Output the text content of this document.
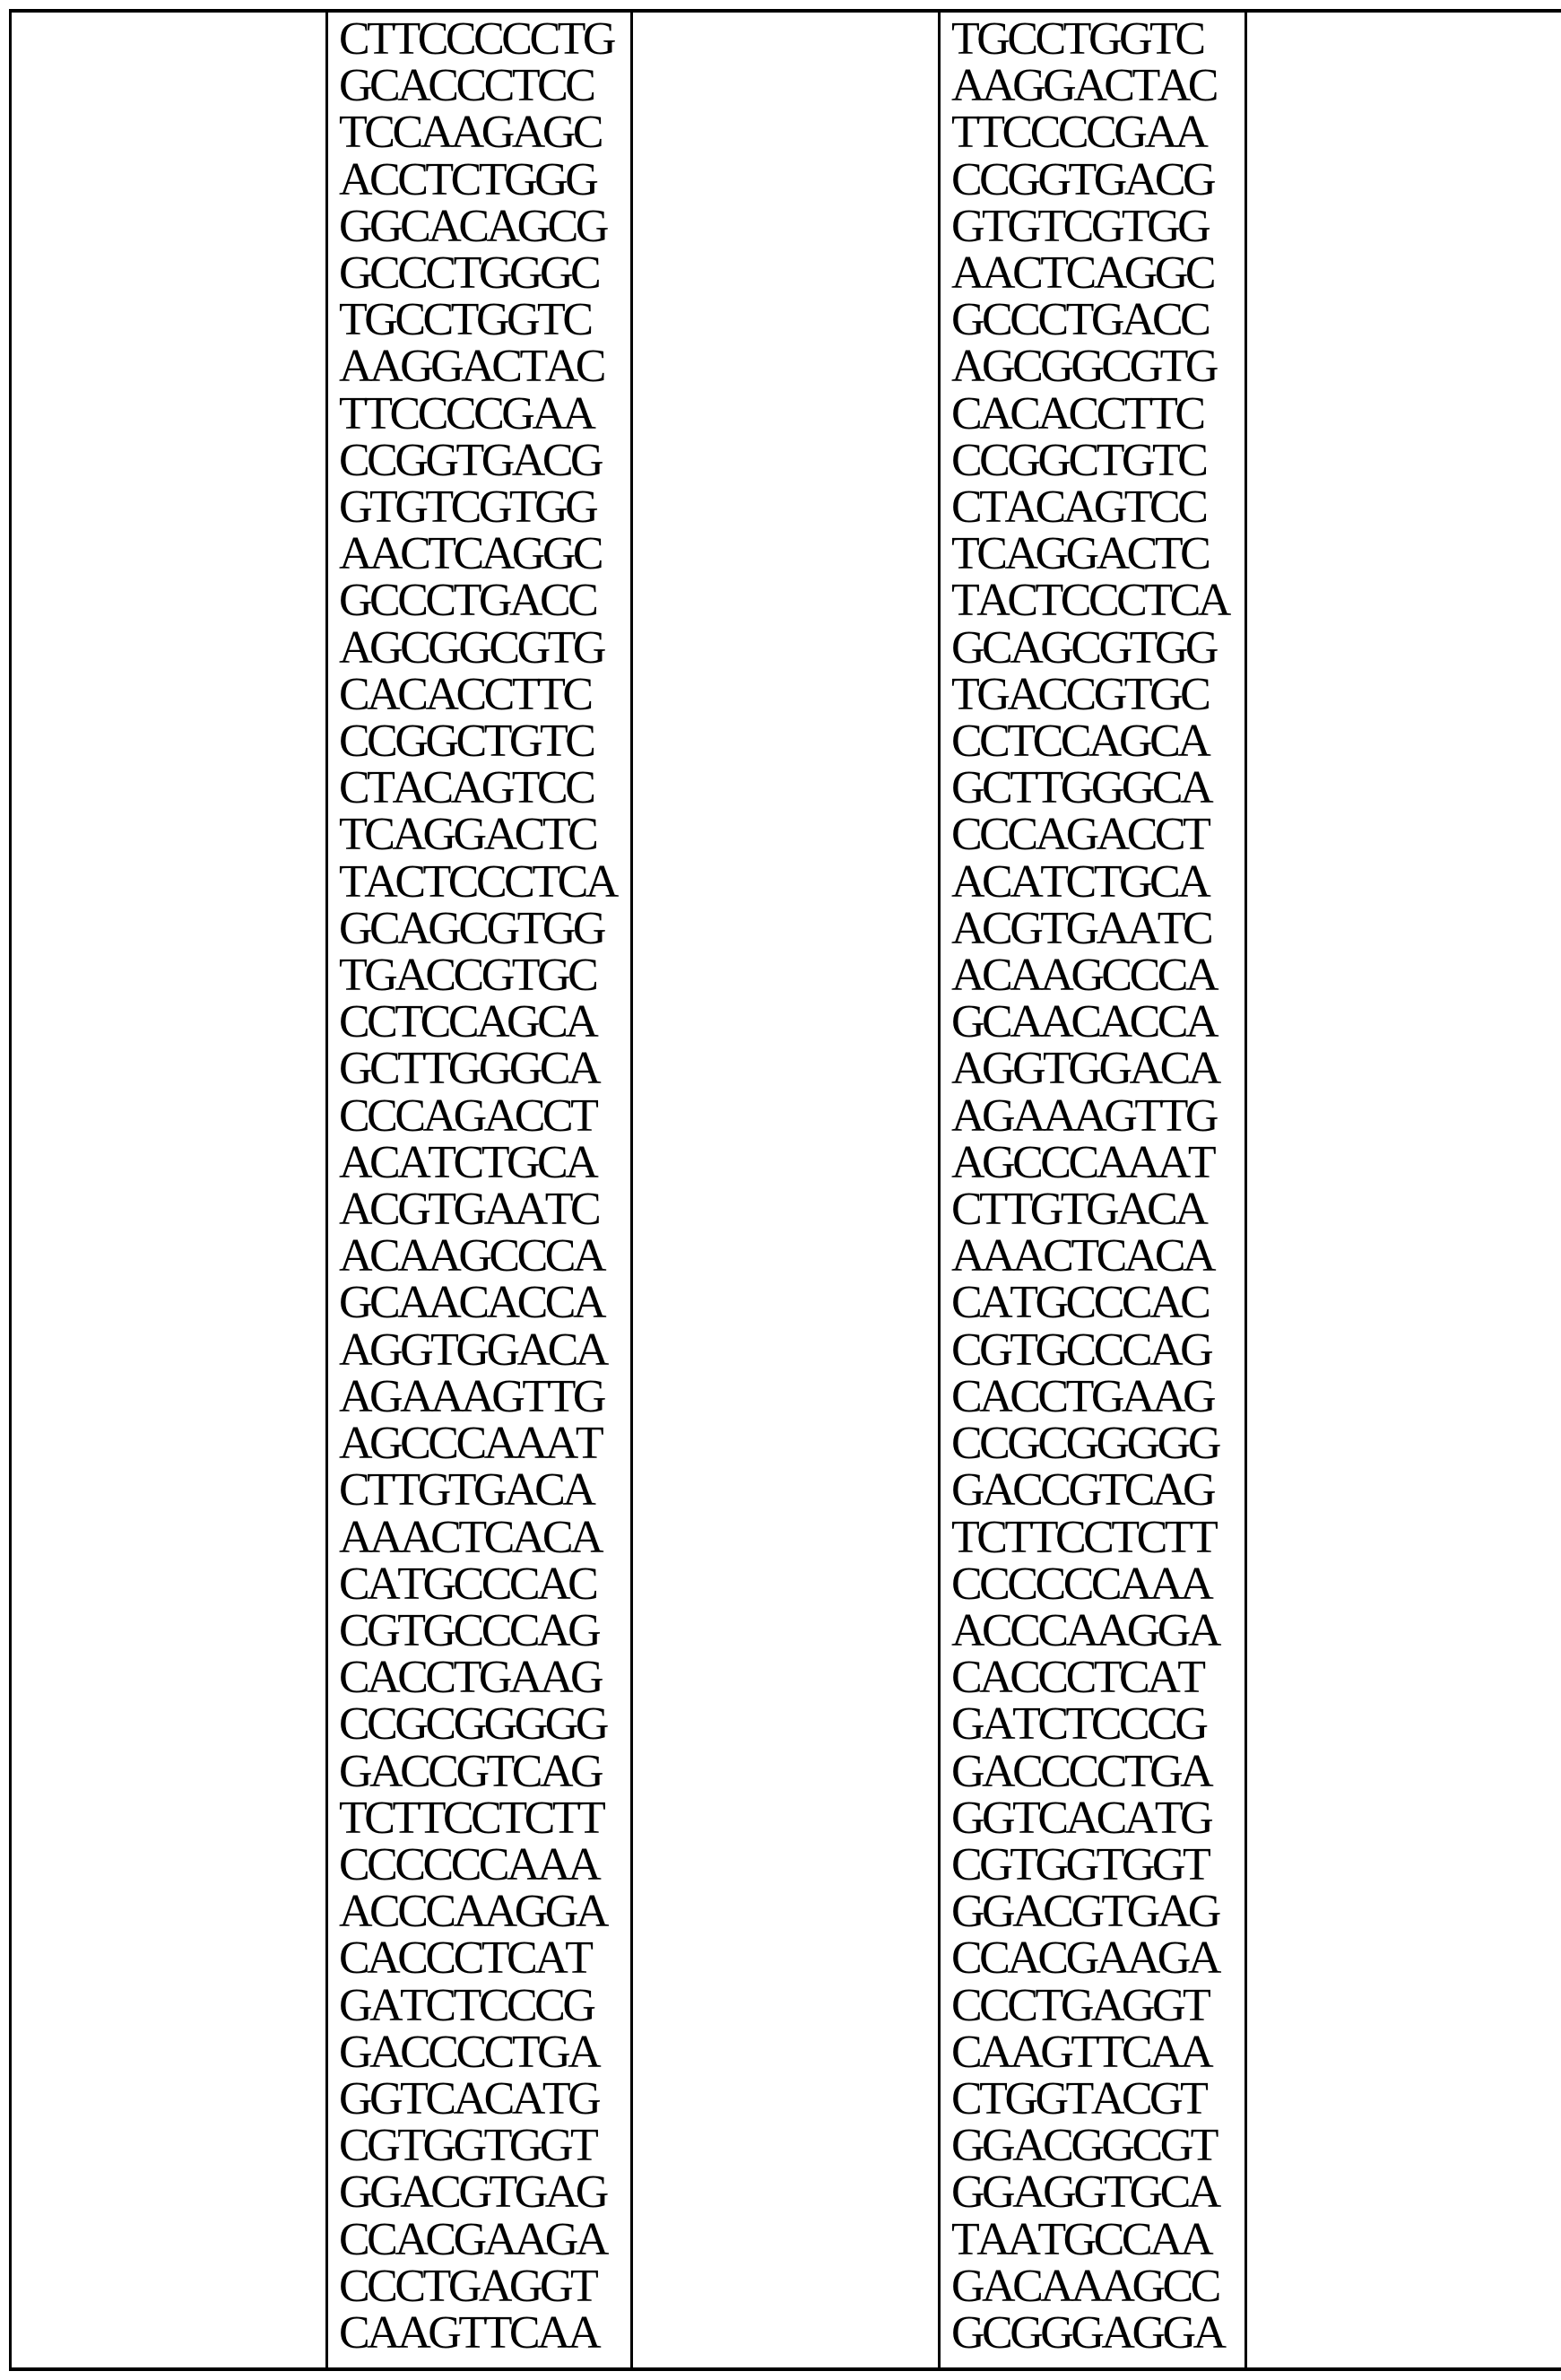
CTTCCCCCTG
GCACCCTCC
TCCAAGAGC
ACCTCTGGG
GGCACAGCG
GCCCTGGGC
TGCCTGGTC
AAGGACTAC
TTCCCCGAA
CCGGTGACG
GTGTCGTGG
AACTCAGGC
GCCCTGACC
AGCGGCGTG
CACACCTTC
CCGGCTGTC
CTACAGTCC
TCAGGACTC
TACTCCCTCA
GCAGCGTGG
TGACCGTGC
CCTCCAGCA
GCTTGGGCA
CCCAGACCT
ACATCTGCA
ACGTGAATC
ACAAGCCCA
GCAACACCA
AGGTGGACA
AGAAAGTTG
AGCCCAAAT
CTTGTGACA
AAACTCACA
CATGCCCAC
CGTGCCCAG
CACCTGAAG
CCGCGGGGG
GACCGTCAG
TCTTCCTCTT
CCCCCCAAA
ACCCAAGGA
CACCCTCAT
GATCTCCCG
GACCCCTGA
GGTCACATG
CGTGGTGGT
GGACGTGAG
CCACGAAGA
CCCTGAGGT
CAAGTTCAA
TGCCTGGTC
AAGGACTAC
TTCCCCGAA
CCGGTGACG
GTGTCGTGG
AACTCAGGC
GCCCTGACC
AGCGGCGTG
CACACCTTC
CCGGCTGTC
CTACAGTCC
TCAGGACTC
TACTCCCTCA
GCAGCGTGG
TGACCGTGC
CCTCCAGCA
GCTTGGGCA
CCCAGACCT
ACATCTGCA
ACGTGAATC
ACAAGCCCA
GCAACACCA
AGGTGGACA
AGAAAGTTG
AGCCCAAAT
CTTGTGACA
AAACTCACA
CATGCCCAC
CGTGCCCAG
CACCTGAAG
CCGCGGGGG
GACCGTCAG
TCTTCCTCTT
CCCCCCAAA
ACCCAAGGA
CACCCTCAT
GATCTCCCG
GACCCCTGA
GGTCACATG
CGTGGTGGT
GGACGTGAG
CCACGAAGA
CCCTGAGGT
CAAGTTCAA
CTGGTACGT
GGACGGCGT
GGAGGTGCA
TAATGCCAA
GACAAAGCC
GCGGGAGGA
